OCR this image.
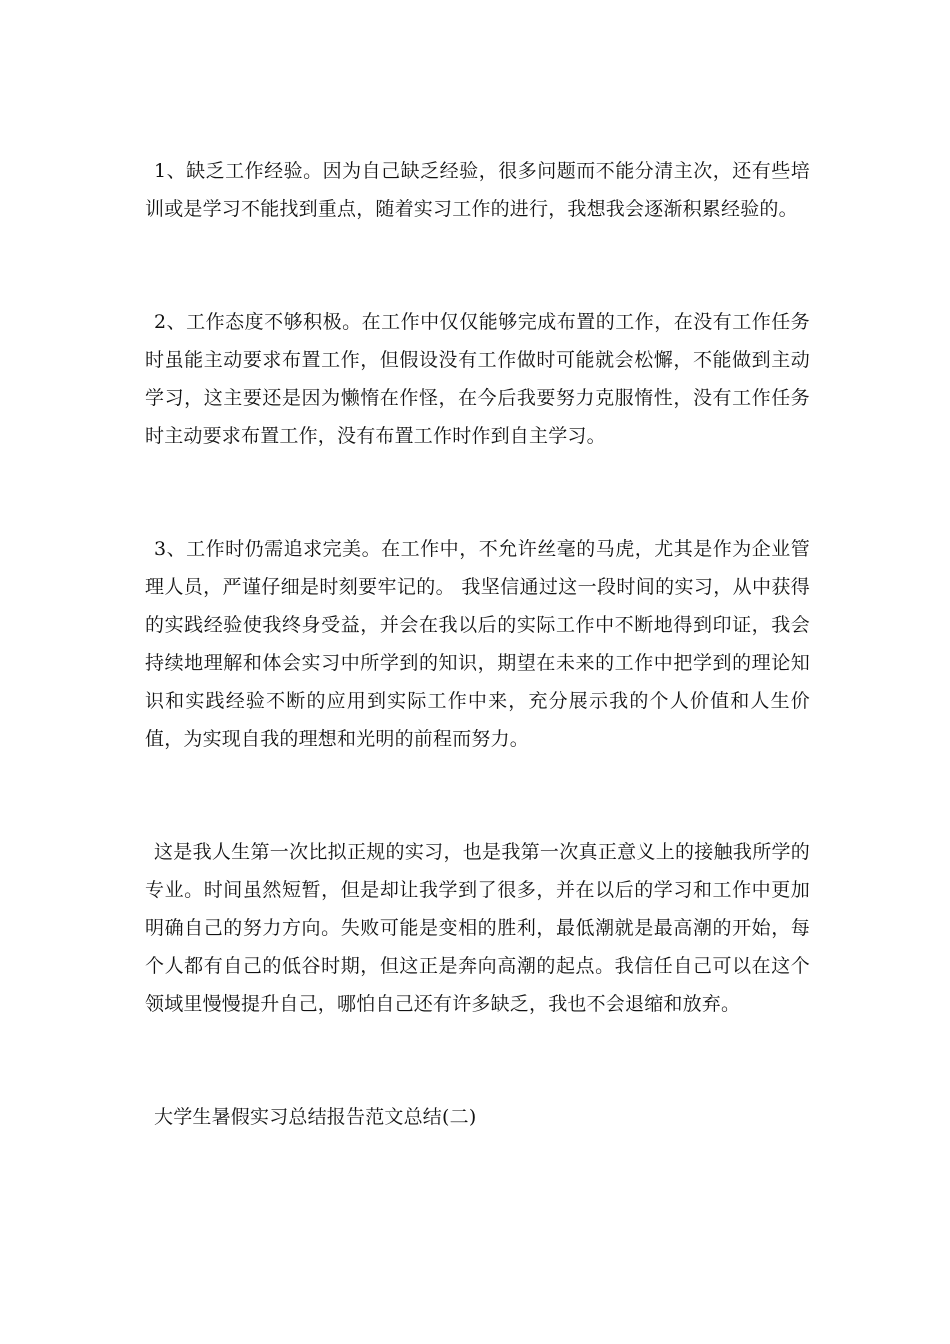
1、缺乏工作经验。因为自己缺乏经验，很多问题而不能分清主次，还有些培训或是学习不能找到重点，随着实习工作的进行，我想我会逐渐积累经验的。

2、工作态度不够积极。在工作中仅仅能够完成布置的工作，在没有工作任务时虽能主动要求布置工作，但假设没有工作做时可能就会松懈，不能做到主动学习，这主要还是因为懒惰在作怪，在今后我要努力克服惰性，没有工作任务时主动要求布置工作，没有布置工作时作到自主学习。

3、工作时仍需追求完美。在工作中，不允许丝毫的马虎，尤其是作为企业管理人员，严谨仔细是时刻要牢记的。 我坚信通过这一段时间的实习，从中获得的实践经验使我终身受益，并会在我以后的实际工作中不断地得到印证，我会持续地理解和体会实习中所学到的知识，期望在未来的工作中把学到的理论知识和实践经验不断的应用到实际工作中来，充分展示我的个人价值和人生价值，为实现自我的理想和光明的前程而努力。

这是我人生第一次比拟正规的实习，也是我第一次真正意义上的接触我所学的专业。时间虽然短暂，但是却让我学到了很多，并在以后的学习和工作中更加明确自己的努力方向。失败可能是变相的胜利，最低潮就是最高潮的开始，每个人都有自己的低谷时期，但这正是奔向高潮的起点。我信任自己可以在这个领域里慢慢提升自己，哪怕自己还有许多缺乏，我也不会退缩和放弃。

大学生暑假实习总结报告范文总结(二)
